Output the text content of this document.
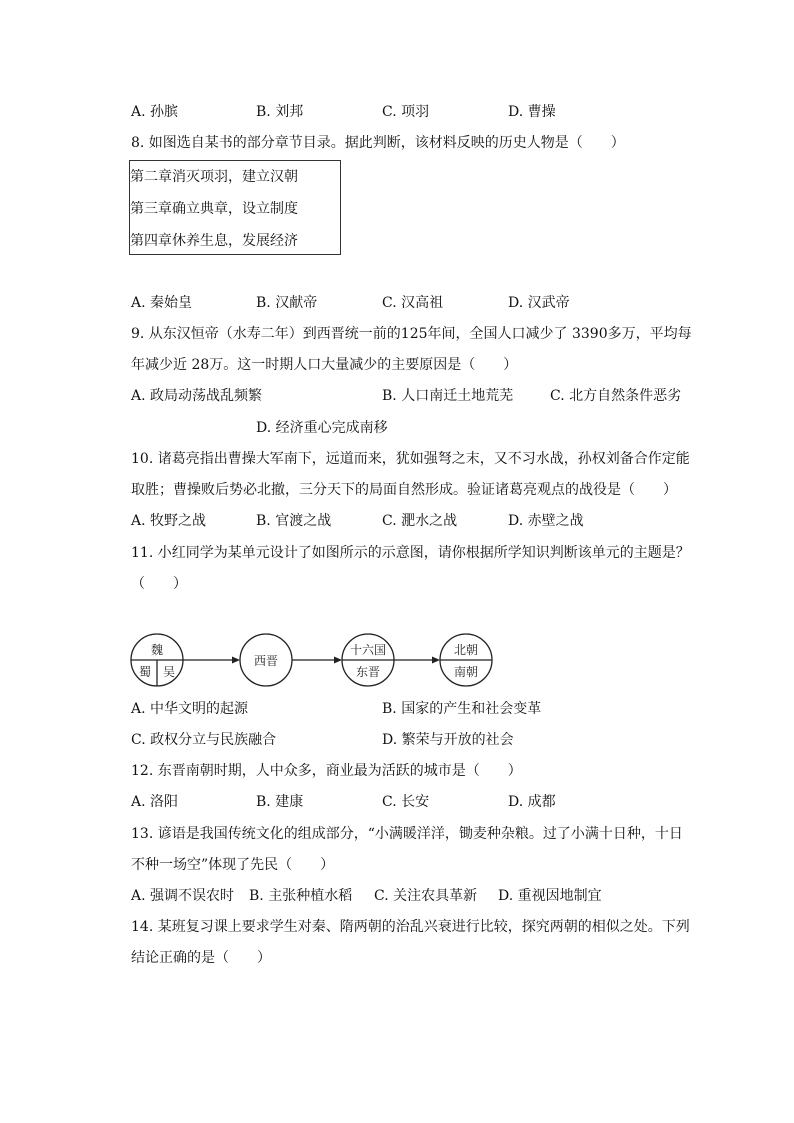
A. 孙膑	B. 刘邦	C. 项羽	D. 曹操
8. 如图选自某书的部分章节目录。据此判断，该材料反映的历史人物是（　　）
第二章消灭项羽，建立汉朝
第三章确立典章，设立制度
第四章休养生息，发展经济
A. 秦始皇	B. 汉献帝	C. 汉高祖	D. 汉武帝
9. 从东汉恒帝（水寿二年）到西晋统一前的125年间，全国人口减少了 3390多万，平均每
年减少近 28万。这一时期人口大量减少的主要原因是（　　）
A. 政局动荡战乱频繁	B. 人口南迁土地荒芜	C. 北方自然条件恶劣
D. 经济重心完成南移
10. 诸葛亮指出曹操大军南下，远道而来，犹如强弩之末，又不习水战，孙权刘备合作定能
取胜；曹操败后势必北撤，三分天下的局面自然形成。验证诸葛亮观点的战役是（　　）
A. 牧野之战	B. 官渡之战	C. 淝水之战	D. 赤壁之战
11. 小红同学为某单元设计了如图所示的示意图，请你根据所学知识判断该单元的主题是？
（　　）
魏
蜀 吴
西晋
十六国
东晋
北朝
南朝
A. 中华文明的起源	B. 国家的产生和社会变革
C. 政权分立与民族融合	D. 繁荣与开放的社会
12. 东晋南朝时期，人中众多，商业最为活跃的城市是（　　）
A. 洛阳	B. 建康	C. 长安	D. 成都
13. 谚语是我国传统文化的组成部分，“小满暖洋洋，锄麦种杂粮。过了小满十日种，十日
不种一场空”体现了先民（　　）
A. 强调不误农时 B. 主张种植水稻 C. 关注农具革新 D. 重视因地制宜
14. 某班复习课上要求学生对秦、隋两朝的治乱兴衰进行比较，探究两朝的相似之处。下列
结论正确的是（　　）
